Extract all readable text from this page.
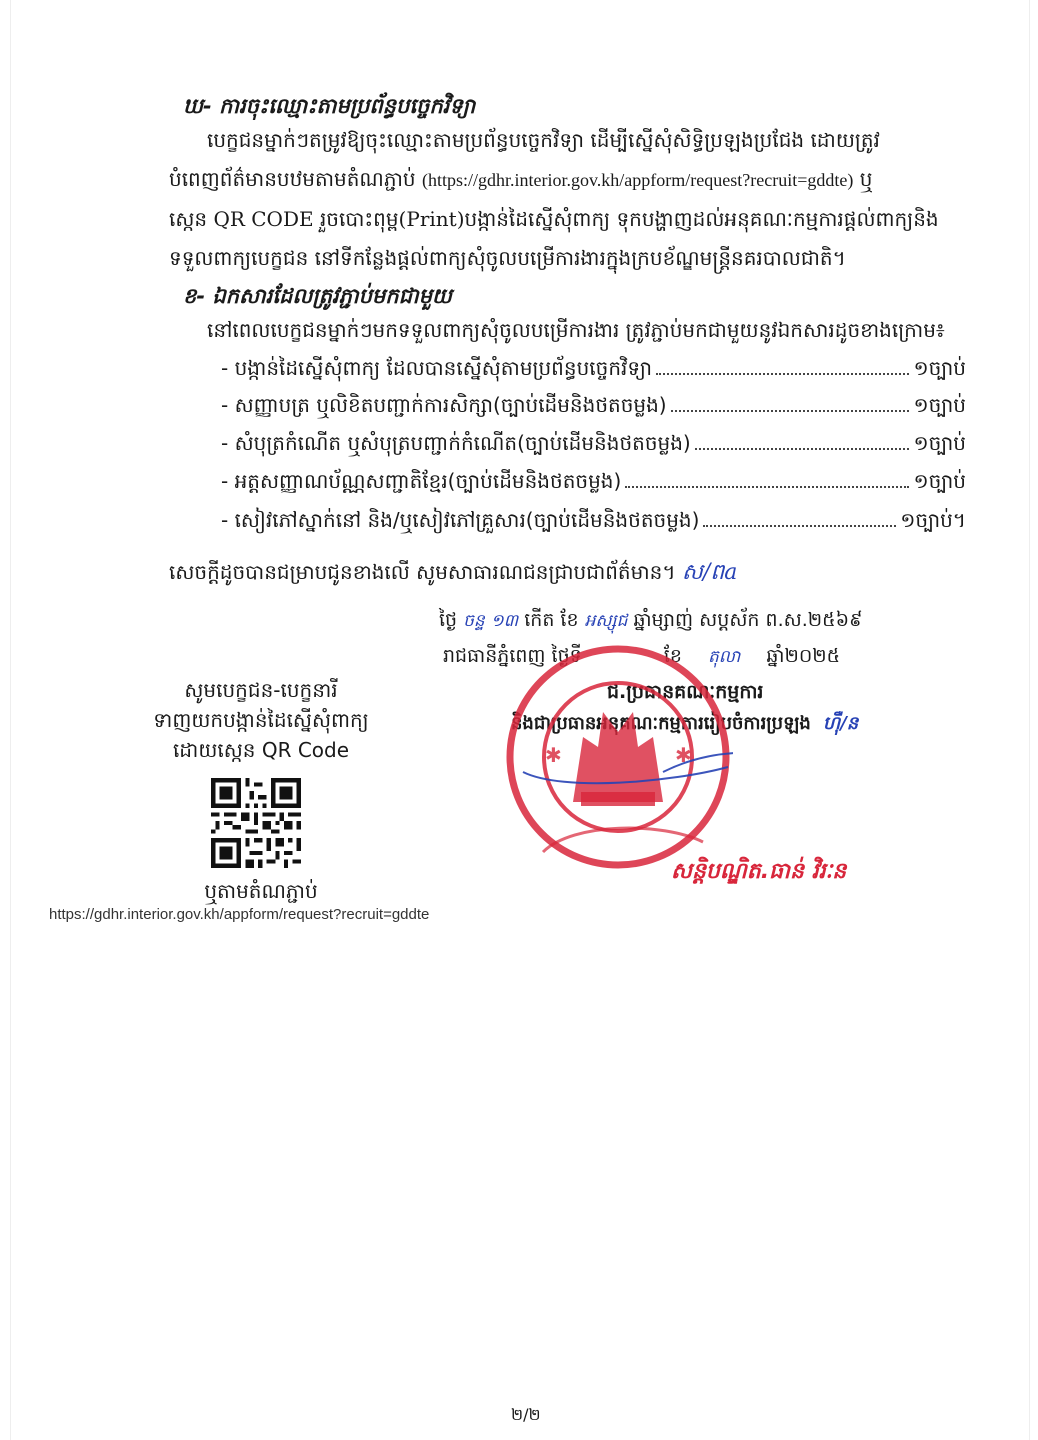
ឃ- ការចុះឈ្មោះតាមប្រព័ន្ធបច្ចេកវិទ្យា
បេក្ខជនម្នាក់ៗតម្រូវឱ្យចុះឈ្មោះតាមប្រព័ន្ធបច្ចេកវិទ្យា ដើម្បីស្នើសុំសិទ្ធិប្រឡងប្រជែង ដោយត្រូវ
បំពេញព័ត៌មានបឋមតាមតំណភ្ជាប់ (https://gdhr.interior.gov.kh/appform/request?recruit=gddte) ឬ
ស្កេន QR CODE រួចបោះពុម្ព(Print)បង្កាន់ដៃស្នើសុំពាក្យ ទុកបង្ហាញដល់អនុគណៈកម្មការផ្តល់ពាក្យនិង
ទទួលពាក្យបេក្ខជន នៅទីកន្លែងផ្តល់ពាក្យសុំចូលបម្រើការងារក្នុងក្របខ័ណ្ឌមន្ត្រីនគរបាលជាតិ។
ខ- ឯកសារដែលត្រូវភ្ជាប់មកជាមួយ
នៅពេលបេក្ខជនម្នាក់ៗមកទទួលពាក្យសុំចូលបម្រើការងារ ត្រូវភ្ជាប់មកជាមួយនូវឯកសារដូចខាងក្រោម៖
- បង្កាន់ដៃស្នើសុំពាក្យ ដែលបានស្នើសុំតាមប្រព័ន្ធបច្ចេកវិទ្យា	១ច្បាប់
- សញ្ញាបត្រ ឬលិខិតបញ្ជាក់ការសិក្សា(ច្បាប់ដើមនិងថតចម្លង)	១ច្បាប់
- សំបុត្រកំណើត ឬសំបុត្របញ្ជាក់កំណើត(ច្បាប់ដើមនិងថតចម្លង)	១ច្បាប់
- អត្តសញ្ញាណប័ណ្ណសញ្ជាតិខ្មែរ(ច្បាប់ដើមនិងថតចម្លង)	១ច្បាប់
- សៀវភៅស្នាក់នៅ និង/ឬសៀវភៅគ្រួសារ(ច្បាប់ដើមនិងថតចម្លង)	១ច្បាប់។
សេចក្តីដូចបានជម្រាបជូនខាងលើ សូមសាធារណជនជ្រាបជាព័ត៌មាន។ ស/ពa
ថ្ងៃ ចន្ទ ១៣ កើត ខែ អស្សុជ ឆ្នាំម្សាញ់ សប្តស័ក ព.ស.២៥៦៩
រាជធានីភ្នំពេញ ថ្ងៃទី	ខែ តុលា ឆ្នាំ២០២៥
ជ.ប្រធានគណៈកម្មការ
និងជាប្រធានអនុគណៈកម្មការរៀបចំការប្រឡង ហ៊ឺ/ន
✱	✱
សន្តិបណ្ឌិត.ធាន់ វិរៈន
សូមបេក្ខជន-បេក្ខនារី
ទាញយកបង្កាន់ដៃស្នើសុំពាក្យ
ដោយស្កេន QR Code
ឬតាមតំណភ្ជាប់
https://gdhr.interior.gov.kh/appform/request?recruit=gddte
២/២
